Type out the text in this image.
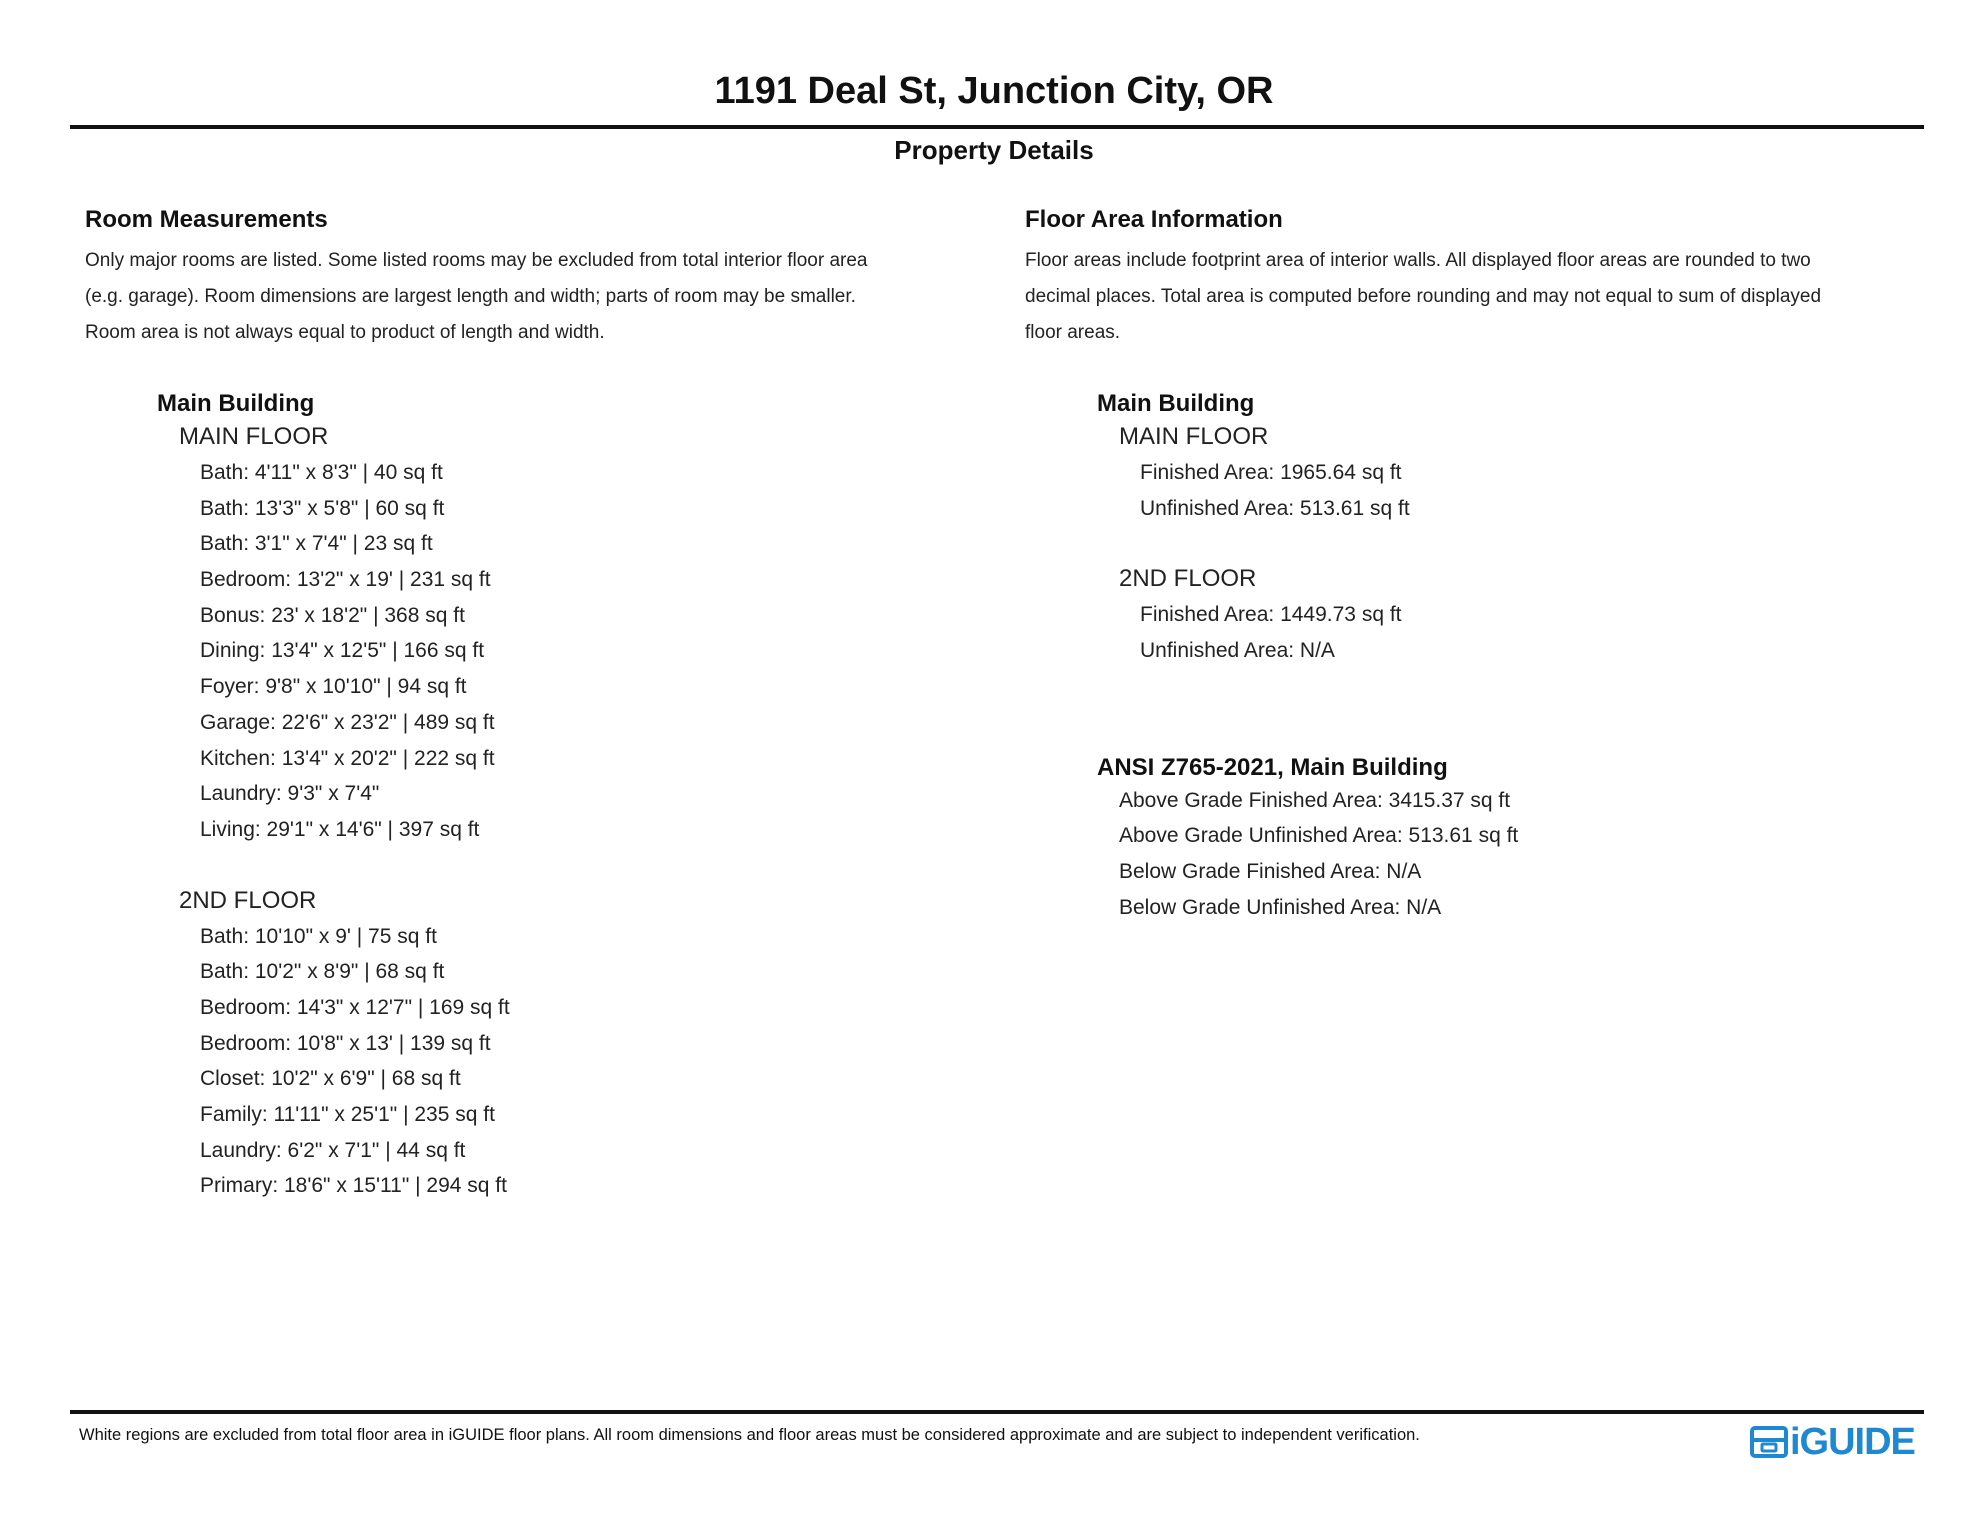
1191 Deal St, Junction City, OR
Property Details
Room Measurements
Only major rooms are listed. Some listed rooms may be excluded from total interior floor area
(e.g. garage). Room dimensions are largest length and width; parts of room may be smaller.
Room area is not always equal to product of length and width.
Main Building
MAIN FLOOR
Bath: 4'11" x 8'3" | 40 sq ft
Bath: 13'3" x 5'8" | 60 sq ft
Bath: 3'1" x 7'4" | 23 sq ft
Bedroom: 13'2" x 19' | 231 sq ft
Bonus: 23' x 18'2" | 368 sq ft
Dining: 13'4" x 12'5" | 166 sq ft
Foyer: 9'8" x 10'10" | 94 sq ft
Garage: 22'6" x 23'2" | 489 sq ft
Kitchen: 13'4" x 20'2" | 222 sq ft
Laundry: 9'3" x 7'4"
Living: 29'1" x 14'6" | 397 sq ft
2ND FLOOR
Bath: 10'10" x 9' | 75 sq ft
Bath: 10'2" x 8'9" | 68 sq ft
Bedroom: 14'3" x 12'7" | 169 sq ft
Bedroom: 10'8" x 13' | 139 sq ft
Closet: 10'2" x 6'9" | 68 sq ft
Family: 11'11" x 25'1" | 235 sq ft
Laundry: 6'2" x 7'1" | 44 sq ft
Primary: 18'6" x 15'11" | 294 sq ft
Floor Area Information
Floor areas include footprint area of interior walls. All displayed floor areas are rounded to two
decimal places. Total area is computed before rounding and may not equal to sum of displayed
floor areas.
Main Building
MAIN FLOOR
Finished Area: 1965.64 sq ft
Unfinished Area: 513.61 sq ft
2ND FLOOR
Finished Area: 1449.73 sq ft
Unfinished Area: N/A
ANSI Z765-2021, Main Building
Above Grade Finished Area: 3415.37 sq ft
Above Grade Unfinished Area: 513.61 sq ft
Below Grade Finished Area: N/A
Below Grade Unfinished Area: N/A
White regions are excluded from total floor area in iGUIDE floor plans. All room dimensions and floor areas must be considered approximate and are subject to independent verification.	iGUIDE
